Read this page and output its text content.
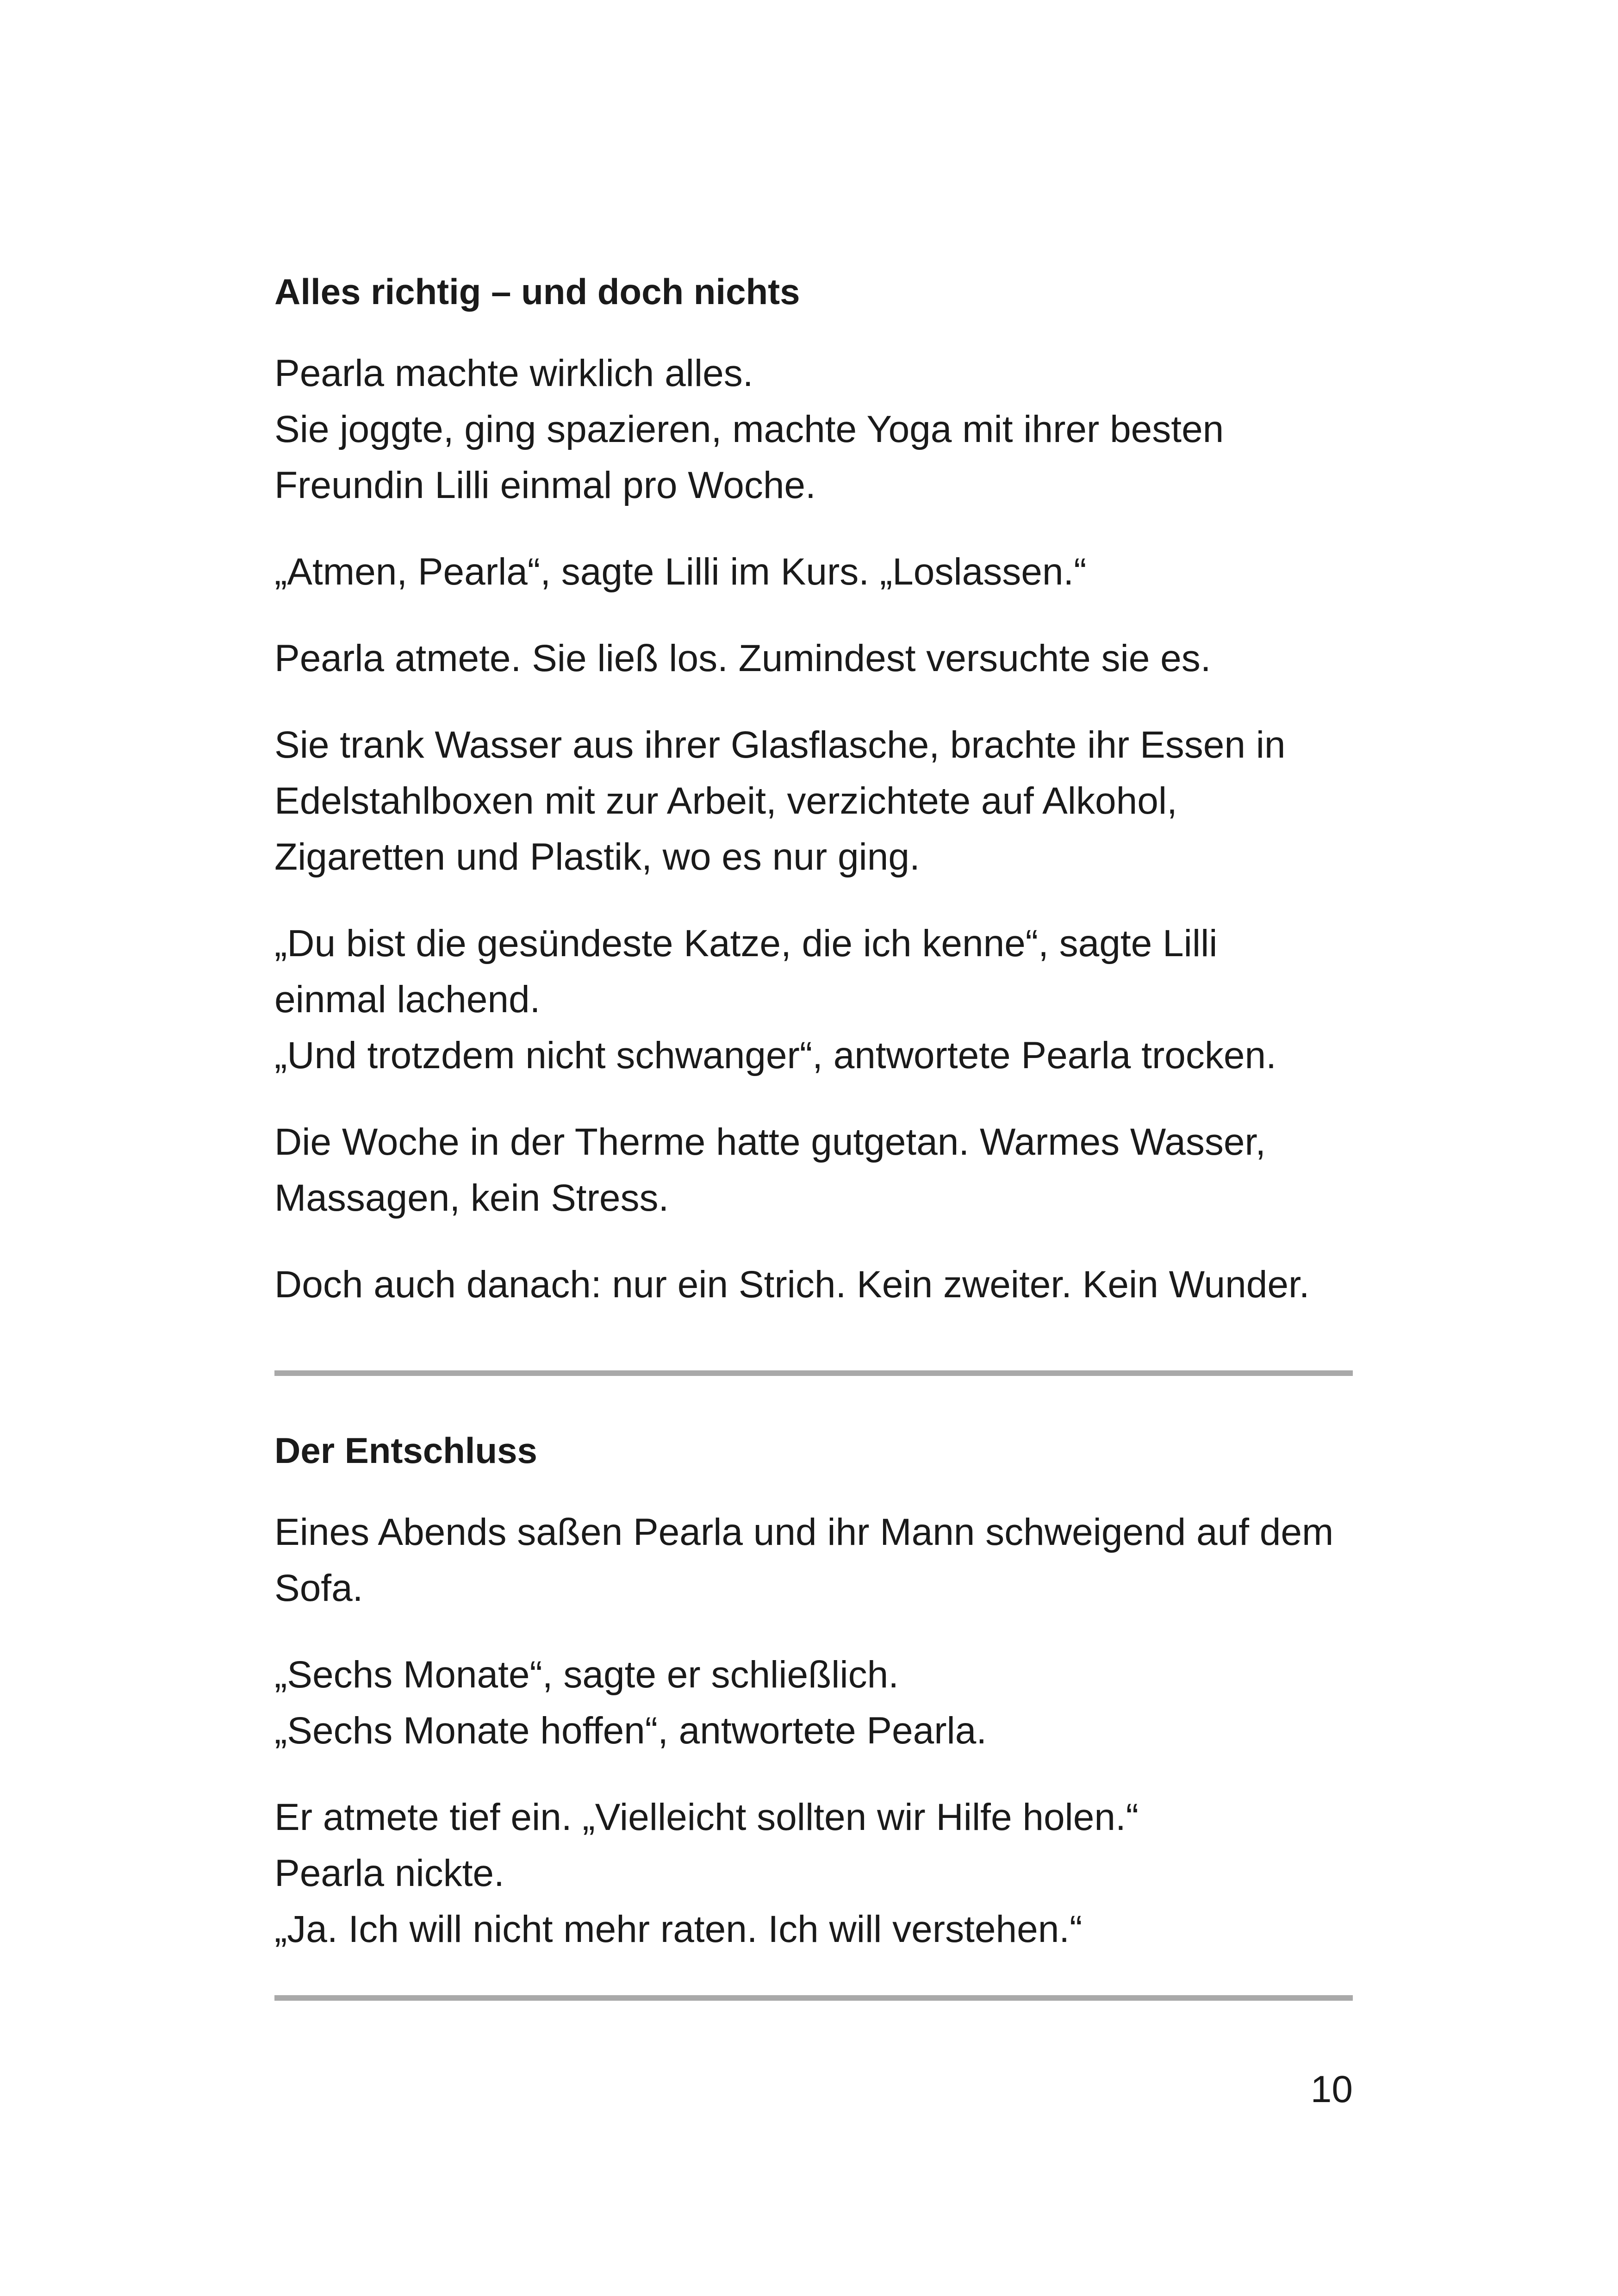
Alles richtig – und doch nichts

Pearla machte wirklich alles.
Sie joggte, ging spazieren, machte Yoga mit ihrer besten
Freundin Lilli einmal pro Woche.

„Atmen, Pearla“, sagte Lilli im Kurs. „Loslassen.“

Pearla atmete. Sie ließ los. Zumindest versuchte sie es.

Sie trank Wasser aus ihrer Glasflasche, brachte ihr Essen in
Edelstahlboxen mit zur Arbeit, verzichtete auf Alkohol,
Zigaretten und Plastik, wo es nur ging.

„Du bist die gesündeste Katze, die ich kenne“, sagte Lilli
einmal lachend.
„Und trotzdem nicht schwanger“, antwortete Pearla trocken.

Die Woche in der Therme hatte gutgetan. Warmes Wasser,
Massagen, kein Stress.

Doch auch danach: nur ein Strich. Kein zweiter. Kein Wunder.

Der Entschluss

Eines Abends saßen Pearla und ihr Mann schweigend auf dem
Sofa.

„Sechs Monate“, sagte er schließlich.
„Sechs Monate hoffen“, antwortete Pearla.

Er atmete tief ein. „Vielleicht sollten wir Hilfe holen.“
Pearla nickte.
„Ja. Ich will nicht mehr raten. Ich will verstehen.“

10
